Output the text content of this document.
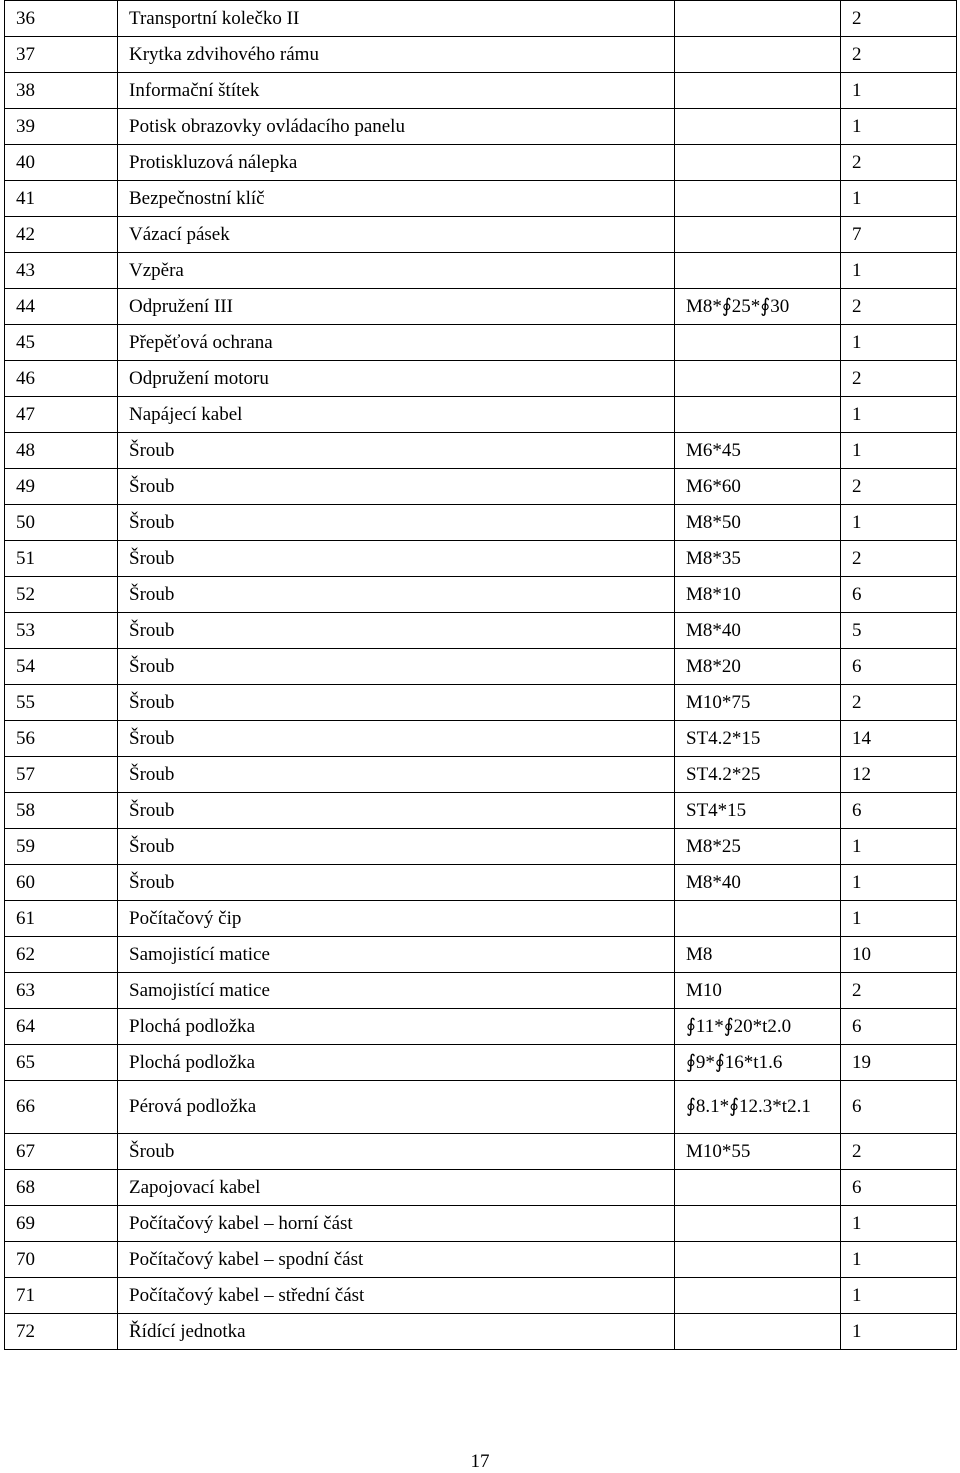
36	Transportní kolečko II		2
37	Krytka zdvihového rámu		2
38	Informační štítek		1
39	Potisk obrazovky ovládacího panelu		1
40	Protiskluzová nálepka		2
41	Bezpečnostní klíč		1
42	Vázací pásek		7
43	Vzpěra		1
44	Odpružení III	M8*∮25*∮30	2
45	Přepěťová ochrana		1
46	Odpružení motoru		2
47	Napájecí kabel		1
48	Šroub	M6*45	1
49	Šroub	M6*60	2
50	Šroub	M8*50	1
51	Šroub	M8*35	2
52	Šroub	M8*10	6
53	Šroub	M8*40	5
54	Šroub	M8*20	6
55	Šroub	M10*75	2
56	Šroub	ST4.2*15	14
57	Šroub	ST4.2*25	12
58	Šroub	ST4*15	6
59	Šroub	M8*25	1
60	Šroub	M8*40	1
61	Počítačový čip		1
62	Samojistící matice	M8	10
63	Samojistící matice	M10	2
64	Plochá podložka	∮11*∮20*t2.0	6
65	Plochá podložka	∮9*∮16*t1.6	19
66	Pérová podložka	∮8.1*∮12.3*t2.1	6
67	Šroub	M10*55	2
68	Zapojovací kabel		6
69	Počítačový kabel – horní část		1
70	Počítačový kabel – spodní část		1
71	Počítačový kabel – střední část		1
72	Řídící jednotka		1
17
